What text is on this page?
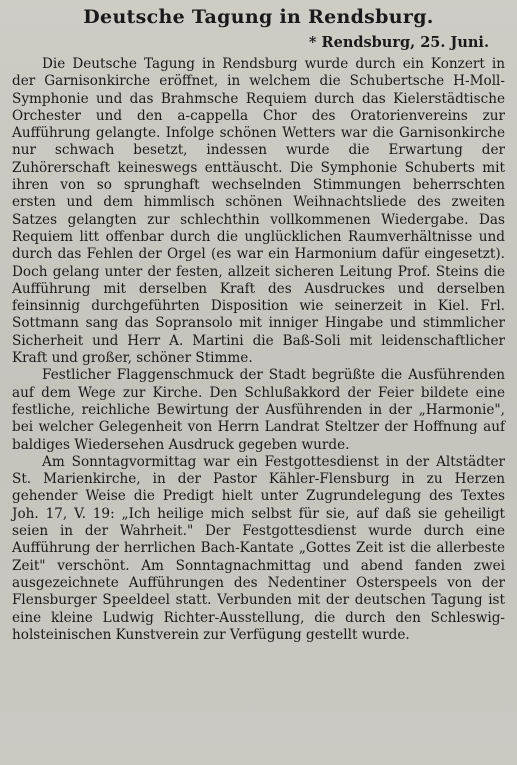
Deutsche Tagung in Rendsburg.
* Rendsburg, 25. Juni.

Die Deutsche Tagung in Rendsburg wurde durch ein Konzert in der Garnisonkirche eröffnet, in welchem die Schubertsche H-Moll-Symphonie und das Brahmsche Requiem durch das Kielerstädtische Orchester und den a-cappella Chor des Oratorienvereins zur Aufführung gelangte. Infolge schönen Wetters war die Garnisonkirche nur schwach besetzt, indessen wurde die Erwartung der Zuhörerschaft keineswegs enttäuscht. Die Symphonie Schuberts mit ihren von so sprunghaft wechselnden Stimmungen beherrschten ersten und dem himmlisch schönen Weihnachtsliede des zweiten Satzes gelangten zur schlechthin vollkommenen Wiedergabe. Das Requiem litt offenbar durch die unglücklichen Raumverhältnisse und durch das Fehlen der Orgel (es war ein Harmonium dafür eingesetzt). Doch gelang unter der festen, allzeit sicheren Leitung Prof. Steins die Aufführung mit derselben Kraft des Ausdruckes und derselben feinsinnig durchgeführten Disposition wie seinerzeit in Kiel. Frl. Sottmann sang das Sopransolo mit inniger Hingabe und stimmlicher Sicherheit und Herr A. Martini die Baß-Soli mit leidenschaftlicher Kraft und großer, schöner Stimme.

Festlicher Flaggenschmuck der Stadt begrüßte die Ausführenden auf dem Wege zur Kirche. Den Schlußakkord der Feier bildete eine festliche, reichliche Bewirtung der Ausführenden in der „Harmonie", bei welcher Gelegenheit von Herrn Landrat Steltzer der Hoffnung auf baldiges Wiedersehen Ausdruck gegeben wurde.

Am Sonntagvormittag war ein Festgottesdienst in der Altstädter St. Marienkirche, in der Pastor Kähler-Flensburg in zu Herzen gehender Weise die Predigt hielt unter Zugrundelegung des Textes Joh. 17, V. 19: „Ich heilige mich selbst für sie, auf daß sie geheiligt seien in der Wahrheit." Der Festgottesdienst wurde durch eine Aufführung der herrlichen Bach-Kantate „Gottes Zeit ist die allerbeste Zeit" verschönt. Am Sonntagnachmittag und abend fanden zwei ausgezeichnete Aufführungen des Nedentiner Osterspeels von der Flensburger Speeldeel statt. Verbunden mit der deutschen Tagung ist eine kleine Ludwig Richter-Ausstellung, die durch den Schleswig-holsteinischen Kunstverein zur Verfügung gestellt wurde.
